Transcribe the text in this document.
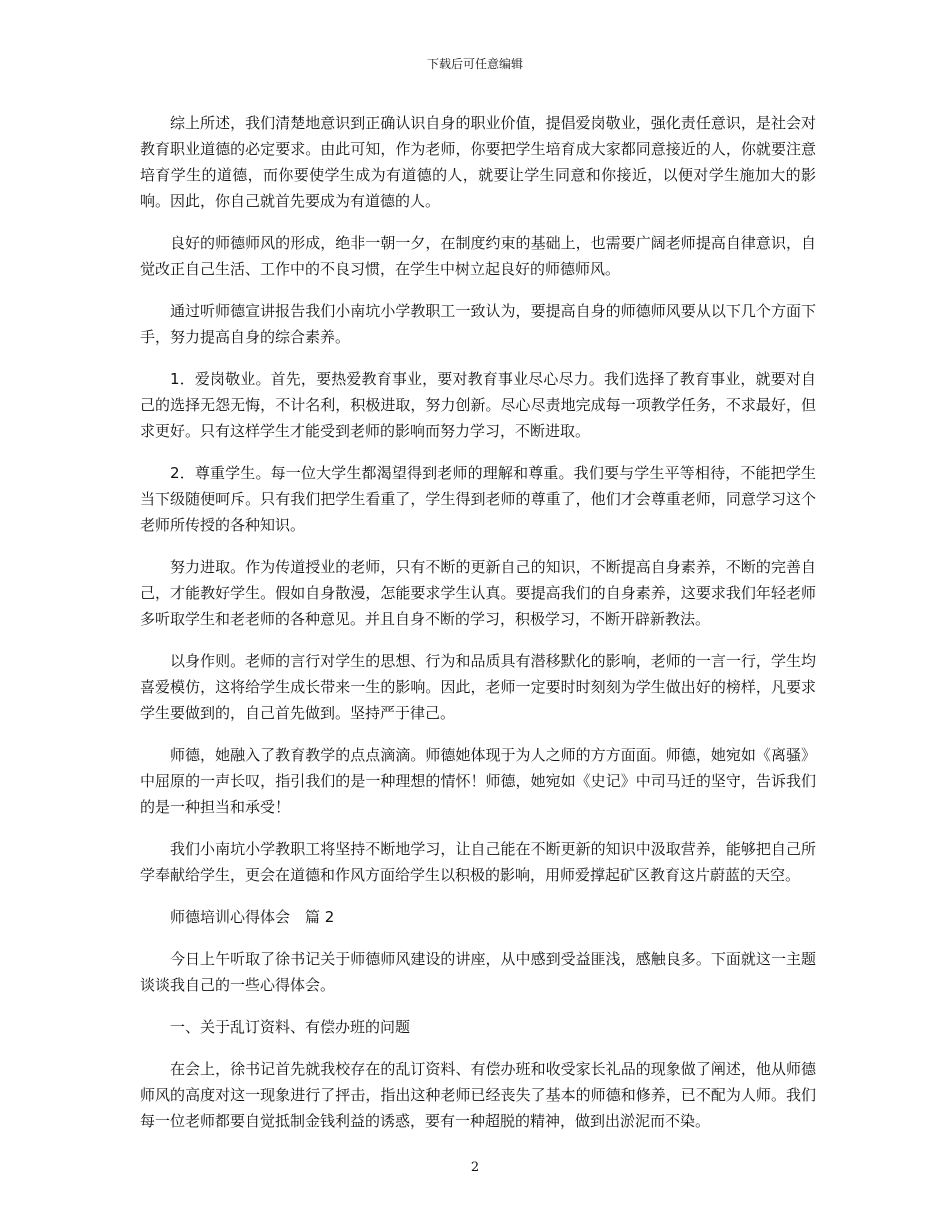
下载后可任意编辑

综上所述，我们清楚地意识到正确认识自身的职业价值，提倡爱岗敬业，强化责任意识，是社会对教育职业道德的必定要求。由此可知，作为老师，你要把学生培育成大家都同意接近的人，你就要注意培育学生的道德，而你要使学生成为有道德的人，就要让学生同意和你接近，以便对学生施加大的影响。因此，你自己就首先要成为有道德的人。

良好的师德师风的形成，绝非一朝一夕，在制度约束的基础上，也需要广阔老师提高自律意识，自觉改正自己生活、工作中的不良习惯，在学生中树立起良好的师德师风。

通过听师德宣讲报告我们小南坑小学教职工一致认为，要提高自身的师德师风要从以下几个方面下手，努力提高自身的综合素养。

1．爱岗敬业。首先，要热爱教育事业，要对教育事业尽心尽力。我们选择了教育事业，就要对自己的选择无怨无悔，不计名利，积极进取，努力创新。尽心尽责地完成每一项教学任务，不求最好，但求更好。只有这样学生才能受到老师的影响而努力学习，不断进取。

2．尊重学生。每一位大学生都渴望得到老师的理解和尊重。我们要与学生平等相待，不能把学生当下级随便呵斥。只有我们把学生看重了，学生得到老师的尊重了，他们才会尊重老师，同意学习这个老师所传授的各种知识。

努力进取。作为传道授业的老师，只有不断的更新自己的知识，不断提高自身素养，不断的完善自己，才能教好学生。假如自身散漫，怎能要求学生认真。要提高我们的自身素养，这要求我们年轻老师多听取学生和老老师的各种意见。并且自身不断的学习，积极学习，不断开辟新教法。

以身作则。老师的言行对学生的思想、行为和品质具有潜移默化的影响，老师的一言一行，学生均喜爱模仿，这将给学生成长带来一生的影响。因此，老师一定要时时刻刻为学生做出好的榜样，凡要求学生要做到的，自己首先做到。坚持严于律己。

师德，她融入了教育教学的点点滴滴。师德她体现于为人之师的方方面面。师德，她宛如《离骚》中屈原的一声长叹，指引我们的是一种理想的情怀！师德，她宛如《史记》中司马迁的坚守，告诉我们的是一种担当和承受！

我们小南坑小学教职工将坚持不断地学习，让自己能在不断更新的知识中汲取营养，能够把自己所学奉献给学生，更会在道德和作风方面给学生以积极的影响，用师爱撑起矿区教育这片蔚蓝的天空。

师德培训心得体会　篇 2

今日上午听取了徐书记关于师德师风建设的讲座，从中感到受益匪浅，感触良多。下面就这一主题谈谈我自己的一些心得体会。

一、关于乱订资料、有偿办班的问题

在会上，徐书记首先就我校存在的乱订资料、有偿办班和收受家长礼品的现象做了阐述，他从师德师风的高度对这一现象进行了抨击，指出这种老师已经丧失了基本的师德和修养，已不配为人师。我们每一位老师都要自觉抵制金钱利益的诱惑，要有一种超脱的精神，做到出淤泥而不染。

2
